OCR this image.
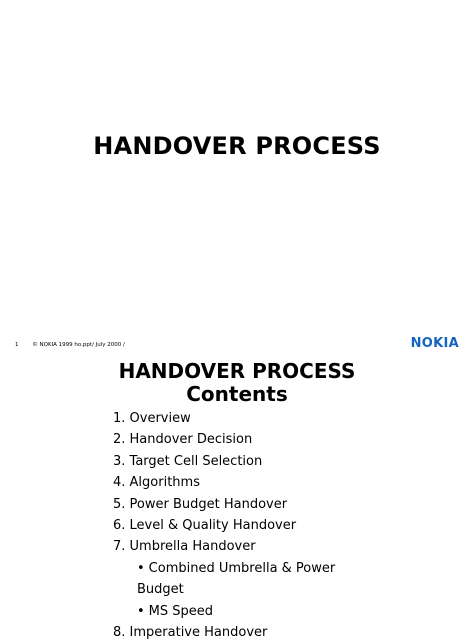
HANDOVER PROCESS
1	© NOKIA 1999 ho.ppt/ July 2000 /	NOKIA
HANDOVER PROCESS
Contents
1. Overview
2. Handover Decision
3. Target Cell Selection
4. Algorithms
5. Power Budget Handover
6. Level & Quality Handover
7. Umbrella Handover
• Combined Umbrella & Power
Budget
• MS Speed
8. Imperative Handover
